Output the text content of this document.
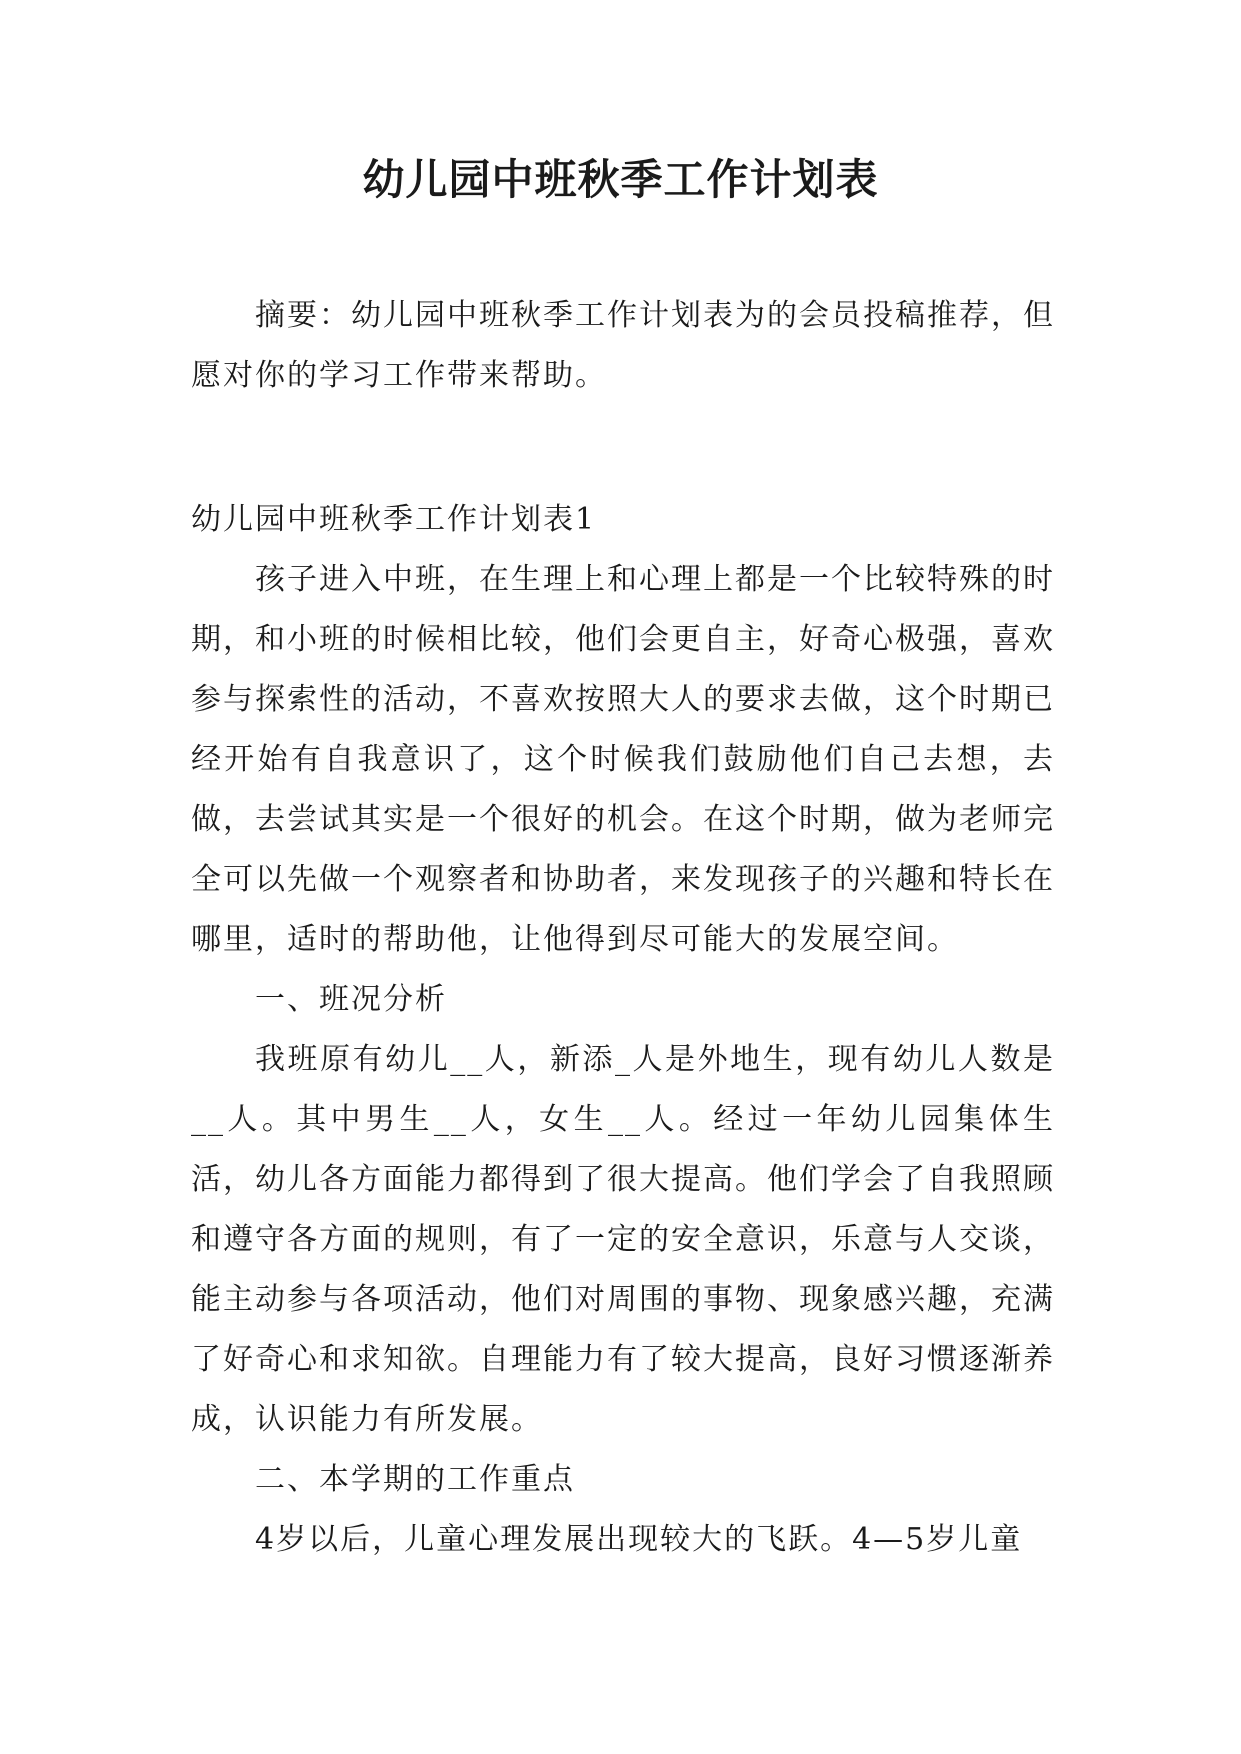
幼儿园中班秋季工作计划表

摘要：幼儿园中班秋季工作计划表为的会员投稿推荐，但愿对你的学习工作带来帮助。

幼儿园中班秋季工作计划表1

孩子进入中班，在生理上和心理上都是一个比较特殊的时期，和小班的时候相比较，他们会更自主，好奇心极强，喜欢参与探索性的活动，不喜欢按照大人的要求去做，这个时期已经开始有自我意识了，这个时候我们鼓励他们自己去想，去做，去尝试其实是一个很好的机会。在这个时期，做为老师完全可以先做一个观察者和协助者，来发现孩子的兴趣和特长在哪里，适时的帮助他，让他得到尽可能大的发展空间。

一、班况分析

我班原有幼儿__人，新添_人是外地生，现有幼儿人数是__人。其中男生__人，女生__人。经过一年幼儿园集体生活，幼儿各方面能力都得到了很大提高。他们学会了自我照顾和遵守各方面的规则，有了一定的安全意识，乐意与人交谈，能主动参与各项活动，他们对周围的事物、现象感兴趣，充满了好奇心和求知欲。自理能力有了较大提高，良好习惯逐渐养成，认识能力有所发展。

二、本学期的工作重点

4岁以后，儿童心理发展出现较大的飞跃。4—5岁儿童
